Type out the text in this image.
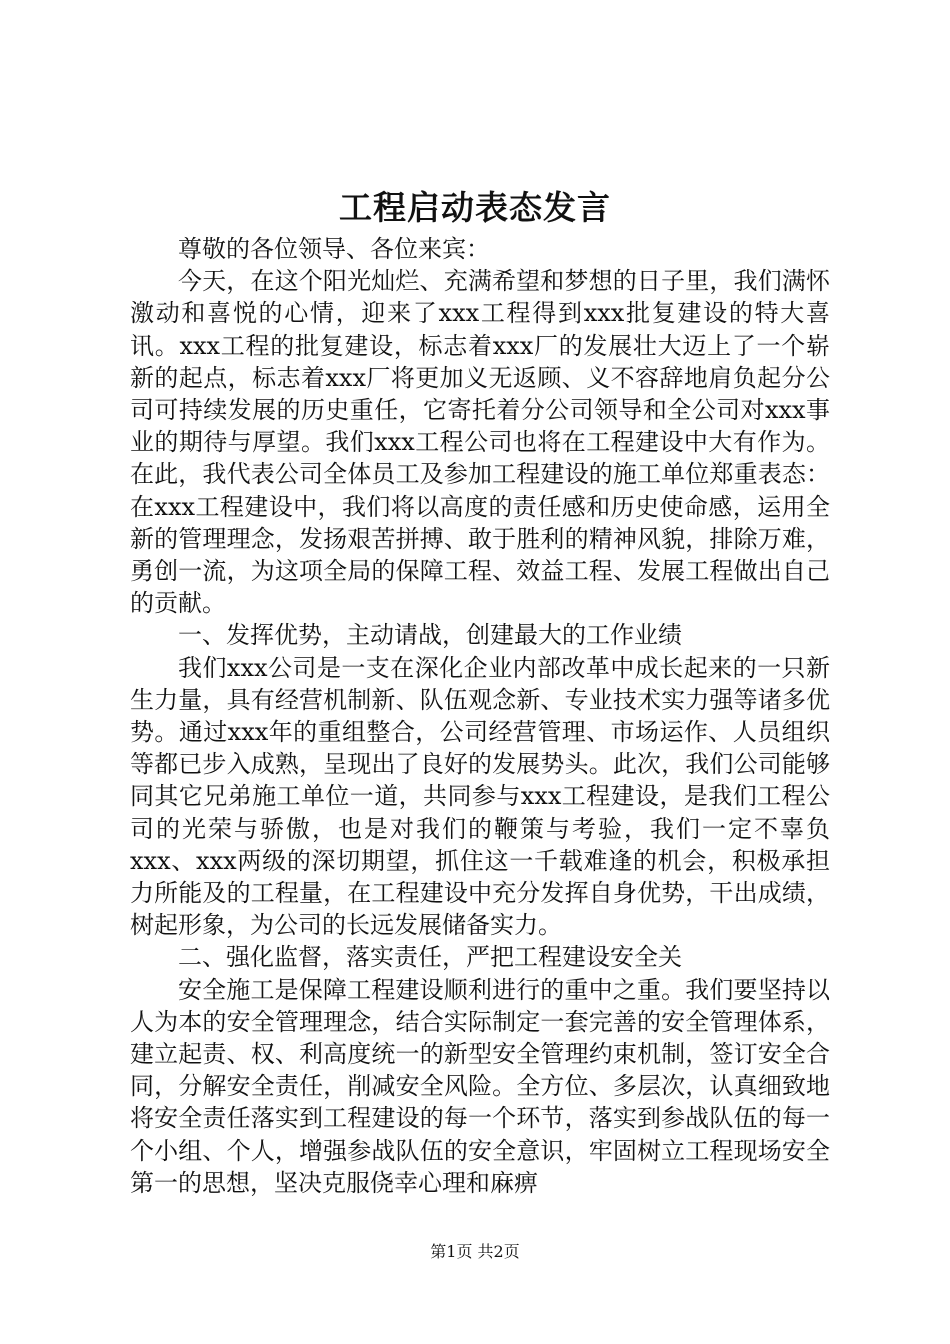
工程启动表态发言

尊敬的各位领导、各位来宾：

今天，在这个阳光灿烂、充满希望和梦想的日子里，我们满怀激动和喜悦的心情，迎来了xxx工程得到xxx批复建设的特大喜讯。xxx工程的批复建设，标志着xxx厂的发展壮大迈上了一个崭新的起点，标志着xxx厂将更加义无返顾、义不容辞地肩负起分公司可持续发展的历史重任，它寄托着分公司领导和全公司对xxx事业的期待与厚望。我们xxx工程公司也将在工程建设中大有作为。在此，我代表公司全体员工及参加工程建设的施工单位郑重表态：在xxx工程建设中，我们将以高度的责任感和历史使命感，运用全新的管理理念，发扬艰苦拼搏、敢于胜利的精神风貌，排除万难，勇创一流，为这项全局的保障工程、效益工程、发展工程做出自己的贡献。

一、发挥优势，主动请战，创建最大的工作业绩

我们xxx公司是一支在深化企业内部改革中成长起来的一只新生力量，具有经营机制新、队伍观念新、专业技术实力强等诸多优势。通过xxx年的重组整合，公司经营管理、市场运作、人员组织等都已步入成熟，呈现出了良好的发展势头。此次，我们公司能够同其它兄弟施工单位一道，共同参与xxx工程建设，是我们工程公司的光荣与骄傲，也是对我们的鞭策与考验，我们一定不辜负xxx、xxx两级的深切期望，抓住这一千载难逢的机会，积极承担力所能及的工程量，在工程建设中充分发挥自身优势，干出成绩，树起形象，为公司的长远发展储备实力。

二、强化监督，落实责任，严把工程建设安全关

安全施工是保障工程建设顺利进行的重中之重。我们要坚持以人为本的安全管理理念，结合实际制定一套完善的安全管理体系，建立起责、权、利高度统一的新型安全管理约束机制，签订安全合同，分解安全责任，削减安全风险。全方位、多层次，认真细致地将安全责任落实到工程建设的每一个环节，落实到参战队伍的每一个小组、个人，增强参战队伍的安全意识，牢固树立工程现场安全第一的思想，坚决克服侥幸心理和麻痹

第1页 共2页
